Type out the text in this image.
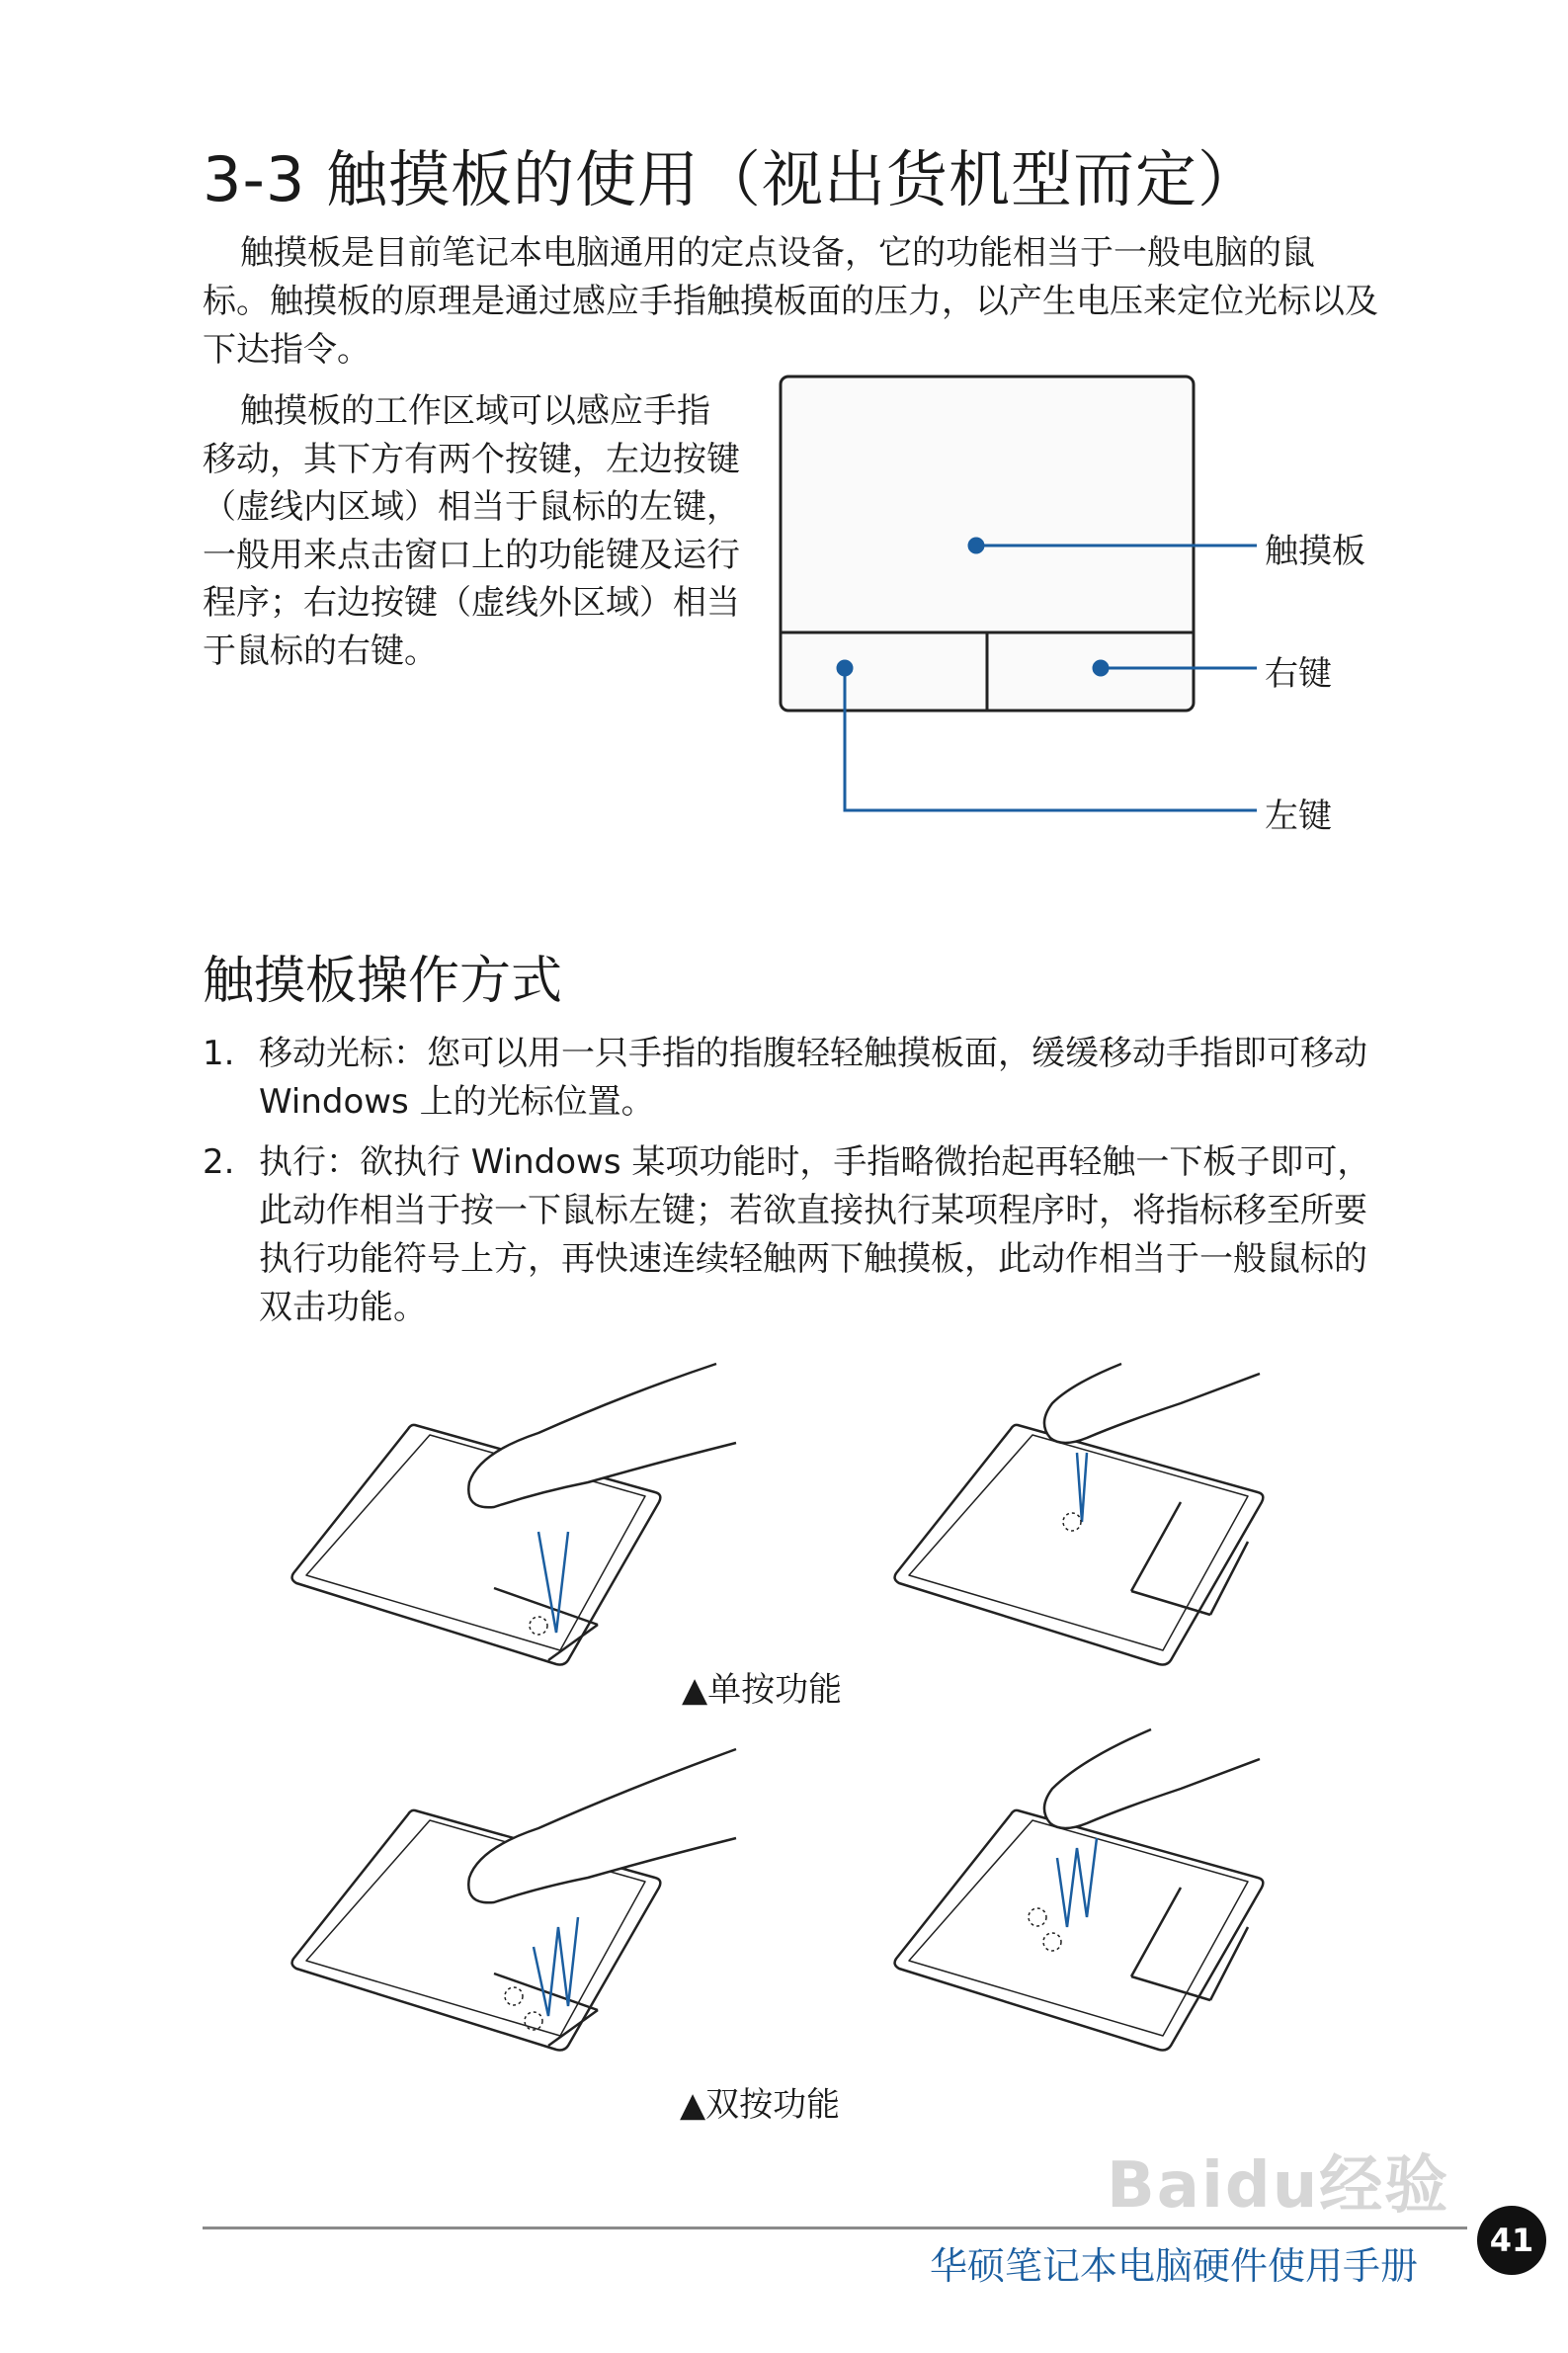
3-3 触摸板的使用（视出货机型而定）
触摸板是目前笔记本电脑通用的定点设备，它的功能相当于一般电脑的鼠标。触摸板的原理是通过感应手指触摸板面的压力，以产生电压来定位光标以及下达指令。
触摸板的工作区域可以感应手指移动，其下方有两个按键，左边按键（虚线内区域）相当于鼠标的左键，一般用来点击窗口上的功能键及运行程序；右边按键（虚线外区域）相当于鼠标的右键。
触摸板
右键
左键
触摸板操作方式
1. 移动光标：您可以用一只手指的指腹轻轻触摸板面，缓缓移动手指即可移动 Windows 上的光标位置。
2. 执行：欲执行 Windows 某项功能时，手指略微抬起再轻触一下板子即可，此动作相当于按一下鼠标左键；若欲直接执行某项程序时，将指标移至所要执行功能符号上方，再快速连续轻触两下触摸板，此动作相当于一般鼠标的双击功能。
▲单按功能
▲双按功能
Baidu经验
华硕笔记本电脑硬件使用手册
41
